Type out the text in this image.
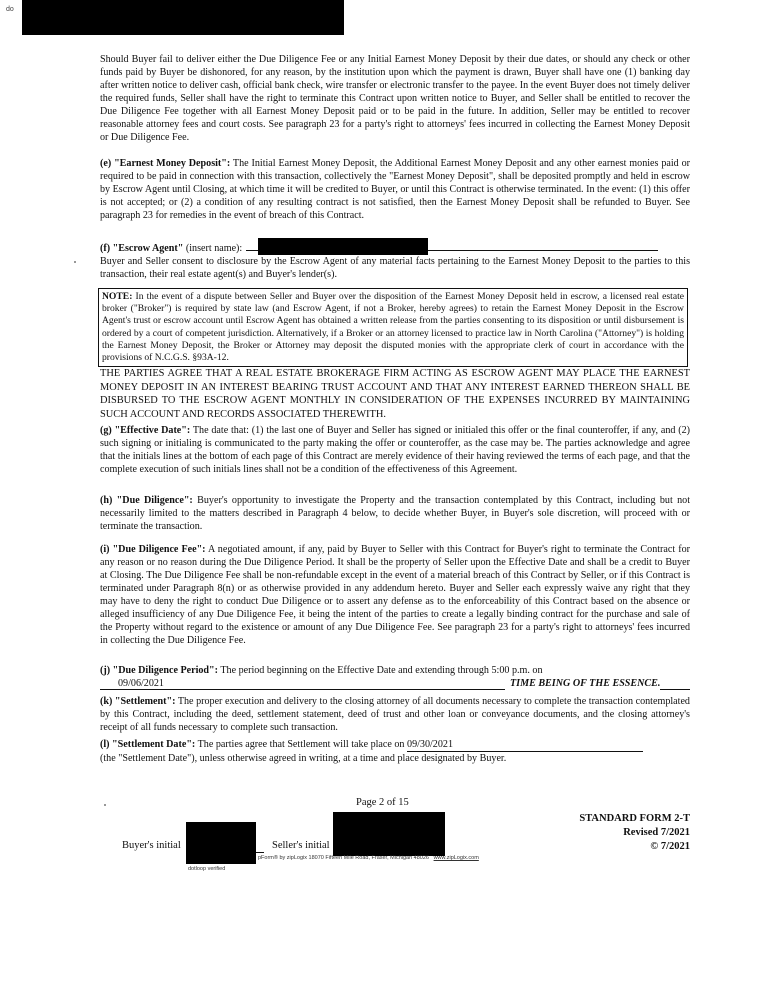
do

Should Buyer fail to deliver either the Due Diligence Fee or any Initial Earnest Money Deposit by their due dates, or should any check or other funds paid by Buyer be dishonored, for any reason, by the institution upon which the payment is drawn, Buyer shall have one (1) banking day after written notice to deliver cash, official bank check, wire transfer or electronic transfer to the payee. In the event Buyer does not timely deliver the required funds, Seller shall have the right to terminate this Contract upon written notice to Buyer, and Seller shall be entitled to recover the Due Diligence Fee together with all Earnest Money Deposit paid or to be paid in the future. In addition, Seller may be entitled to recover reasonable attorney fees and court costs. See paragraph 23 for a party's right to attorneys' fees incurred in collecting the Earnest Money Deposit or Due Diligence Fee.

(e) "Earnest Money Deposit": The Initial Earnest Money Deposit, the Additional Earnest Money Deposit and any other earnest monies paid or required to be paid in connection with this transaction, collectively the "Earnest Money Deposit", shall be deposited promptly and held in escrow by Escrow Agent until Closing, at which time it will be credited to Buyer, or until this Contract is otherwise terminated. In the event: (1) this offer is not accepted; or (2) a condition of any resulting contract is not satisfied, then the Earnest Money Deposit shall be refunded to Buyer. See paragraph 23 for remedies in the event of breach of this Contract.

(f) "Escrow Agent" (insert name):

Buyer and Seller consent to disclosure by the Escrow Agent of any material facts pertaining to the Earnest Money Deposit to the parties to this transaction, their real estate agent(s) and Buyer's lender(s).

NOTE: In the event of a dispute between Seller and Buyer over the disposition of the Earnest Money Deposit held in escrow, a licensed real estate broker ("Broker") is required by state law (and Escrow Agent, if not a Broker, hereby agrees) to retain the Earnest Money Deposit in the Escrow Agent's trust or escrow account until Escrow Agent has obtained a written release from the parties consenting to its disposition or until disbursement is ordered by a court of competent jurisdiction. Alternatively, if a Broker or an attorney licensed to practice law in North Carolina ("Attorney") is holding the Earnest Money Deposit, the Broker or Attorney may deposit the disputed monies with the appropriate clerk of court in accordance with the provisions of N.C.G.S. §93A-12.

THE PARTIES AGREE THAT A REAL ESTATE BROKERAGE FIRM ACTING AS ESCROW AGENT MAY PLACE THE EARNEST MONEY DEPOSIT IN AN INTEREST BEARING TRUST ACCOUNT AND THAT ANY INTEREST EARNED THEREON SHALL BE DISBURSED TO THE ESCROW AGENT MONTHLY IN CONSIDERATION OF THE EXPENSES INCURRED BY MAINTAINING SUCH ACCOUNT AND RECORDS ASSOCIATED THEREWITH.

(g) "Effective Date": The date that: (1) the last one of Buyer and Seller has signed or initialed this offer or the final counteroffer, if any, and (2) such signing or initialing is communicated to the party making the offer or counteroffer, as the case may be. The parties acknowledge and agree that the initials lines at the bottom of each page of this Contract are merely evidence of their having reviewed the terms of each page, and that the complete execution of such initials lines shall not be a condition of the effectiveness of this Agreement.

(h) "Due Diligence": Buyer's opportunity to investigate the Property and the transaction contemplated by this Contract, including but not necessarily limited to the matters described in Paragraph 4 below, to decide whether Buyer, in Buyer's sole discretion, will proceed with or terminate the transaction.

(i) "Due Diligence Fee": A negotiated amount, if any, paid by Buyer to Seller with this Contract for Buyer's right to terminate the Contract for any reason or no reason during the Due Diligence Period. It shall be the property of Seller upon the Effective Date and shall be a credit to Buyer at Closing. The Due Diligence Fee shall be non-refundable except in the event of a material breach of this Contract by Seller, or if this Contract is terminated under Paragraph 8(n) or as otherwise provided in any addendum hereto. Buyer and Seller each expressly waive any right that they may have to deny the right to conduct Due Diligence or to assert any defense as to the enforceability of this Contract based on the absence or alleged insufficiency of any Due Diligence Fee, it being the intent of the parties to create a legally binding contract for the purchase and sale of the Property without regard to the existence or amount of any Due Diligence Fee. See paragraph 23 for a party's right to attorneys' fees incurred in collecting the Due Diligence Fee.

(j) "Due Diligence Period": The period beginning on the Effective Date and extending through 5:00 p.m. on

09/06/2021	TIME BEING OF THE ESSENCE.

(k) "Settlement": The proper execution and delivery to the closing attorney of all documents necessary to complete the transaction contemplated by this Contract, including the deed, settlement statement, deed of trust and other loan or conveyance documents, and the closing attorney's receipt of all funds necessary to complete such transaction.

(l) "Settlement Date": The parties agree that Settlement will take place on 09/30/2021

(the "Settlement Date"), unless otherwise agreed in writing, at a time and place designated by Buyer.

Page 2 of 15
STANDARD FORM 2-T
Revised 7/2021
© 7/2021
Buyer's initial	Seller's initial
dotloop verified
pForm® by zipLogix 18070 Fifteen Mile Road, Fraser, Michigan 48026 www.zipLogix.com
